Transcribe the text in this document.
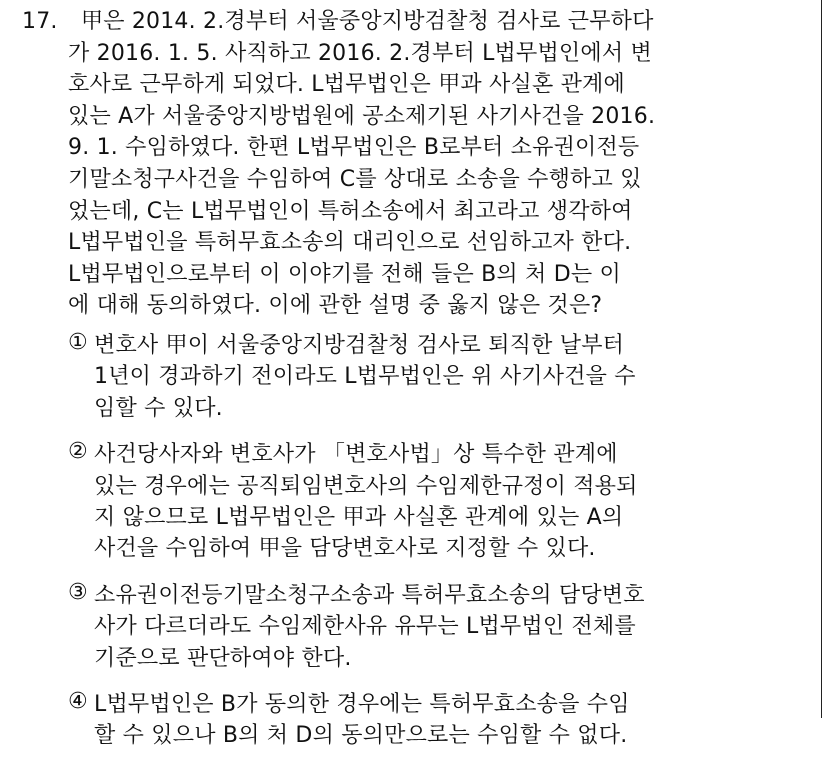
17.	甲은 2014. 2.경부터 서울중앙지방검찰청 검사로 근무하다
가 2016. 1. 5. 사직하고 2016. 2.경부터 L법무법인에서 변
호사로 근무하게 되었다. L법무법인은 甲과 사실혼 관계에
있는 A가 서울중앙지방법원에 공소제기된 사기사건을 2016.
9. 1. 수임하였다. 한편 L법무법인은 B로부터 소유권이전등
기말소청구사건을 수임하여 C를 상대로 소송을 수행하고 있
었는데, C는 L법무법인이 특허소송에서 최고라고 생각하여
L법무법인을 특허무효소송의 대리인으로 선임하고자 한다.
L법무법인으로부터 이 이야기를 전해 들은 B의 처 D는 이
에 대해 동의하였다. 이에 관한 설명 중 옳지 않은 것은?
① 변호사 甲이 서울중앙지방검찰청 검사로 퇴직한 날부터
1년이 경과하기 전이라도 L법무법인은 위 사기사건을 수
임할 수 있다.
② 사건당사자와 변호사가 「변호사법」상 특수한 관계에
있는 경우에는 공직퇴임변호사의 수임제한규정이 적용되
지 않으므로 L법무법인은 甲과 사실혼 관계에 있는 A의
사건을 수임하여 甲을 담당변호사로 지정할 수 있다.
③ 소유권이전등기말소청구소송과 특허무효소송의 담당변호
사가 다르더라도 수임제한사유 유무는 L법무법인 전체를
기준으로 판단하여야 한다.
④ L법무법인은 B가 동의한 경우에는 특허무효소송을 수임
할 수 있으나 B의 처 D의 동의만으로는 수임할 수 없다.
